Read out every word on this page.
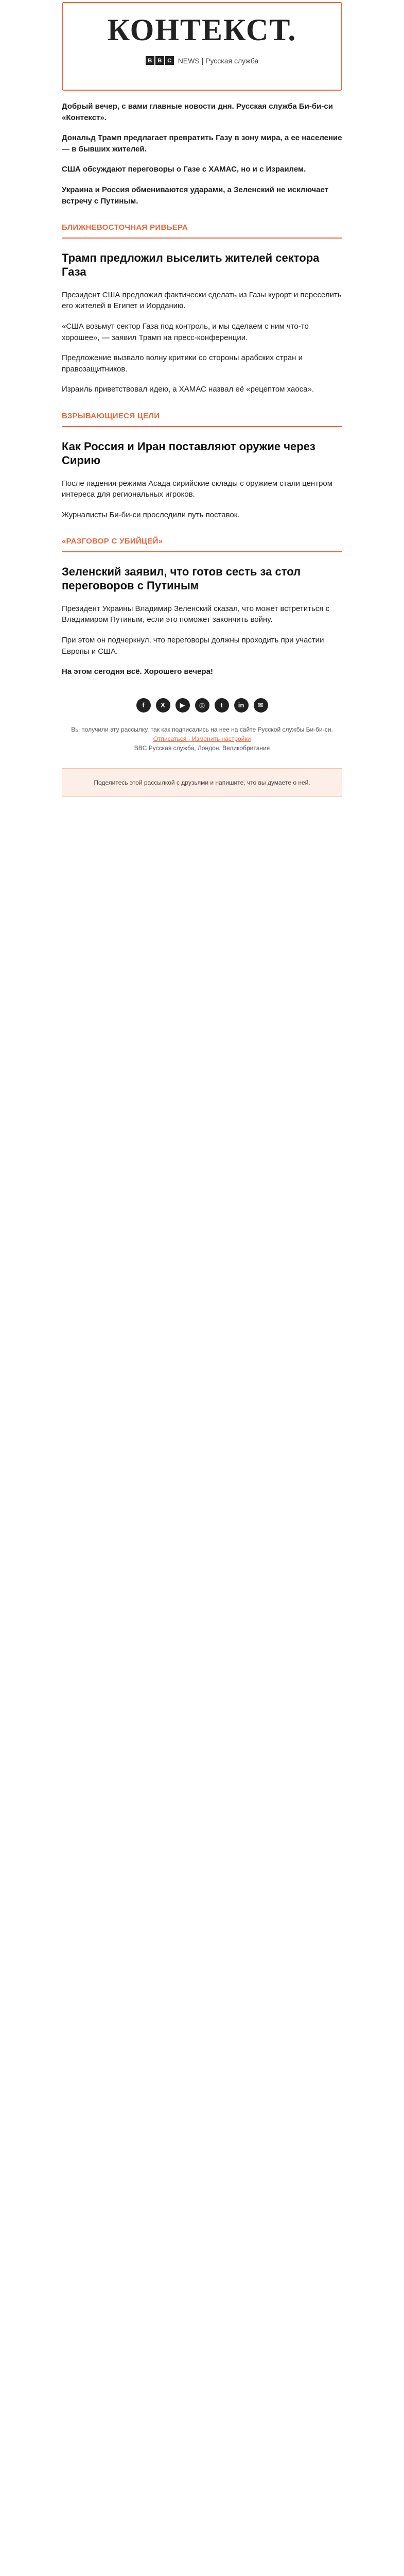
КОНТЕКСТ.
B	B	C NEWS | Русская служба

Добрый вечер, с вами главные новости дня. Русская служба Би-би-си «Контекст».

Дональд Трамп предлагает превратить Газу в зону мира, а ее население — в бывших жителей.

США обсуждают переговоры о Газе с ХАМАС, но и с Израилем.

Украина и Россия обмениваются ударами, а Зеленский не исключает встречу с Путиным.

БЛИЖНЕВОСТОЧНАЯ РИВЬЕРА
Трамп предложил выселить жителей сектора Газа

Президент США предложил фактически сделать из Газы курорт и переселить его жителей в Египет и Иорданию.

«США возьмут сектор Газа под контроль, и мы сделаем с ним что-то хорошее», — заявил Трамп на пресс-конференции.

Предложение вызвало волну критики со стороны арабских стран и правозащитников.

Израиль приветствовал идею, а ХАМАС назвал её «рецептом хаоса».

ВЗРЫВАЮЩИЕСЯ ЦЕЛИ
Как Россия и Иран поставляют оружие через Сирию

После падения режима Асада сирийские склады с оружием стали центром интереса для региональных игроков.

Журналисты Би-би-си проследили путь поставок.

«РАЗГОВОР С УБИЙЦЕЙ»
Зеленский заявил, что готов сесть за стол переговоров с Путиным

Президент Украины Владимир Зеленский сказал, что может встретиться с Владимиром Путиным, если это поможет закончить войну.

При этом он подчеркнул, что переговоры должны проходить при участии Европы и США.

На этом сегодня всё. Хорошего вечера!

f	X	▶	◎	t	in	✉

Вы получили эту рассылку, так как подписались на нее на сайте Русской службы Би-би-си.

Отписаться · Изменить настройки

BBC Русская служба, Лондон, Великобритания

Поделитесь этой рассылкой с друзьями и напишите, что вы думаете о ней.
